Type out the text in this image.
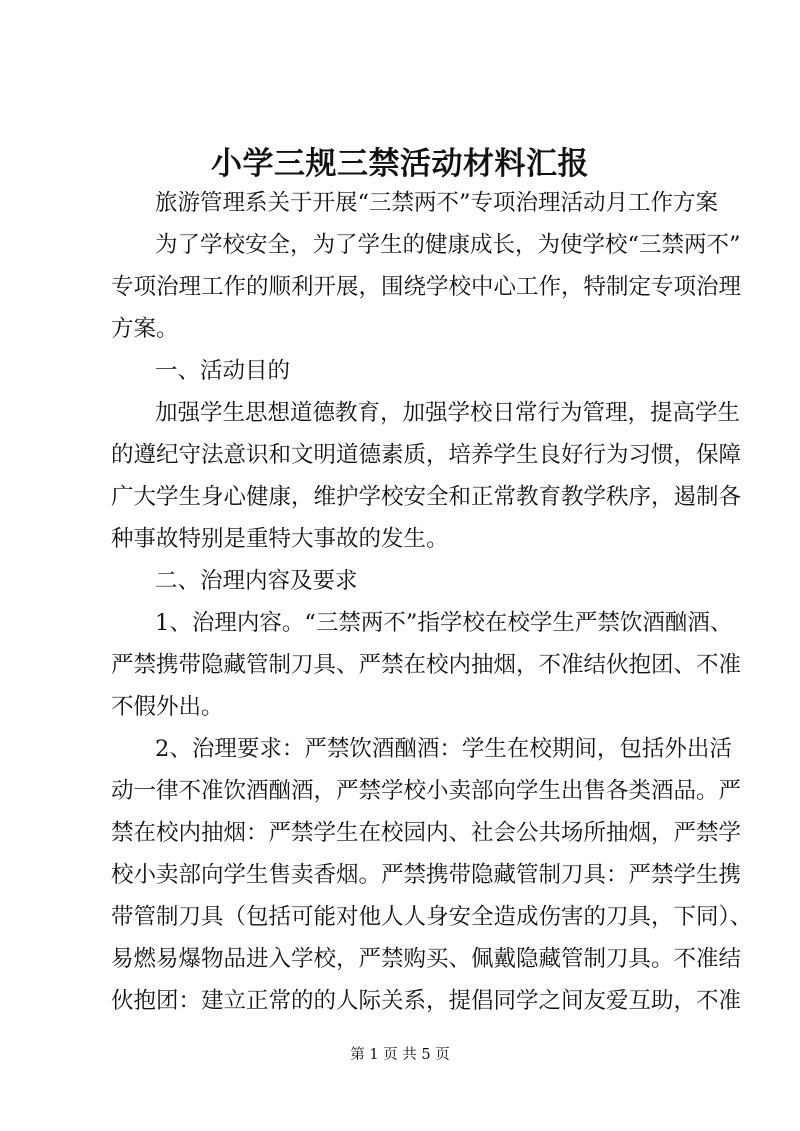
小学三规三禁活动材料汇报
旅游管理系关于开展“三禁两不”专项治理活动月工作方案
为了学校安全，为了学生的健康成长，为使学校“三禁两不”
专项治理工作的顺利开展，围绕学校中心工作，特制定专项治理
方案。
一、活动目的
加强学生思想道德教育，加强学校日常行为管理，提高学生
的遵纪守法意识和文明道德素质，培养学生良好行为习惯，保障
广大学生身心健康，维护学校安全和正常教育教学秩序，遏制各
种事故特别是重特大事故的发生。
二、治理内容及要求
1、治理内容。“三禁两不”指学校在校学生严禁饮酒酗酒、
严禁携带隐藏管制刀具、严禁在校内抽烟，不准结伙抱团、不准
不假外出。
2、治理要求：严禁饮酒酗酒：学生在校期间，包括外出活
动一律不准饮酒酗酒，严禁学校小卖部向学生出售各类酒品。严
禁在校内抽烟：严禁学生在校园内、社会公共场所抽烟，严禁学
校小卖部向学生售卖香烟。严禁携带隐藏管制刀具：严禁学生携
带管制刀具（包括可能对他人人身安全造成伤害的刀具，下同）、
易燃易爆物品进入学校，严禁购买、佩戴隐藏管制刀具。不准结
伙抱团：建立正常的的人际关系，提倡同学之间友爱互助，不准
第 1 页 共 5 页
